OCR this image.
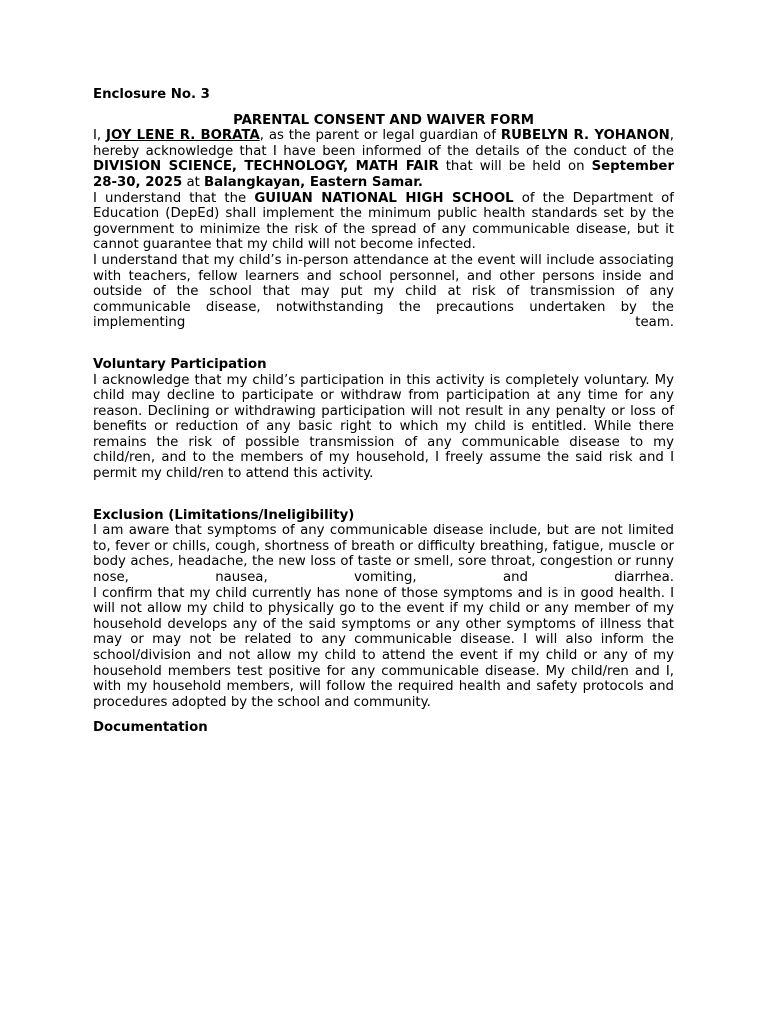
Enclosure No. 3

PARENTAL CONSENT AND WAIVER FORM

I, JOY LENE R. BORATA, as the parent or legal guardian of RUBELYN R. YOHANON, hereby acknowledge that I have been informed of the details of the conduct of the DIVISION SCIENCE, TECHNOLOGY, MATH FAIR that will be held on September 28-30, 2025 at Balangkayan, Eastern Samar.

I understand that the GUIUAN NATIONAL HIGH SCHOOL of the Department of Education (DepEd) shall implement the minimum public health standards set by the government to minimize the risk of the spread of any communicable disease, but it cannot guarantee that my child will not become infected.

I understand that my child’s in-person attendance at the event will include associating with teachers, fellow learners and school personnel, and other persons inside and outside of the school that may put my child at risk of transmission of any communicable disease, notwithstanding the precautions undertaken by the implementing team.

Voluntary Participation

I acknowledge that my child’s participation in this activity is completely voluntary. My child may decline to participate or withdraw from participation at any time for any reason. Declining or withdrawing participation will not result in any penalty or loss of benefits or reduction of any basic right to which my child is entitled. While there remains the risk of possible transmission of any communicable disease to my child/ren, and to the members of my household, I freely assume the said risk and I permit my child/ren to attend this activity.

Exclusion (Limitations/Ineligibility)

I am aware that symptoms of any communicable disease include, but are not limited to, fever or chills, cough, shortness of breath or difficulty breathing, fatigue, muscle or body aches, headache, the new loss of taste or smell, sore throat, congestion or runny nose, nausea, vomiting, and diarrhea.

I confirm that my child currently has none of those symptoms and is in good health. I will not allow my child to physically go to the event if my child or any member of my household develops any of the said symptoms or any other symptoms of illness that may or may not be related to any communicable disease. I will also inform the school/division and not allow my child to attend the event if my child or any of my household members test positive for any communicable disease. My child/ren and I, with my household members, will follow the required health and safety protocols and procedures adopted by the school and community.

Documentation
